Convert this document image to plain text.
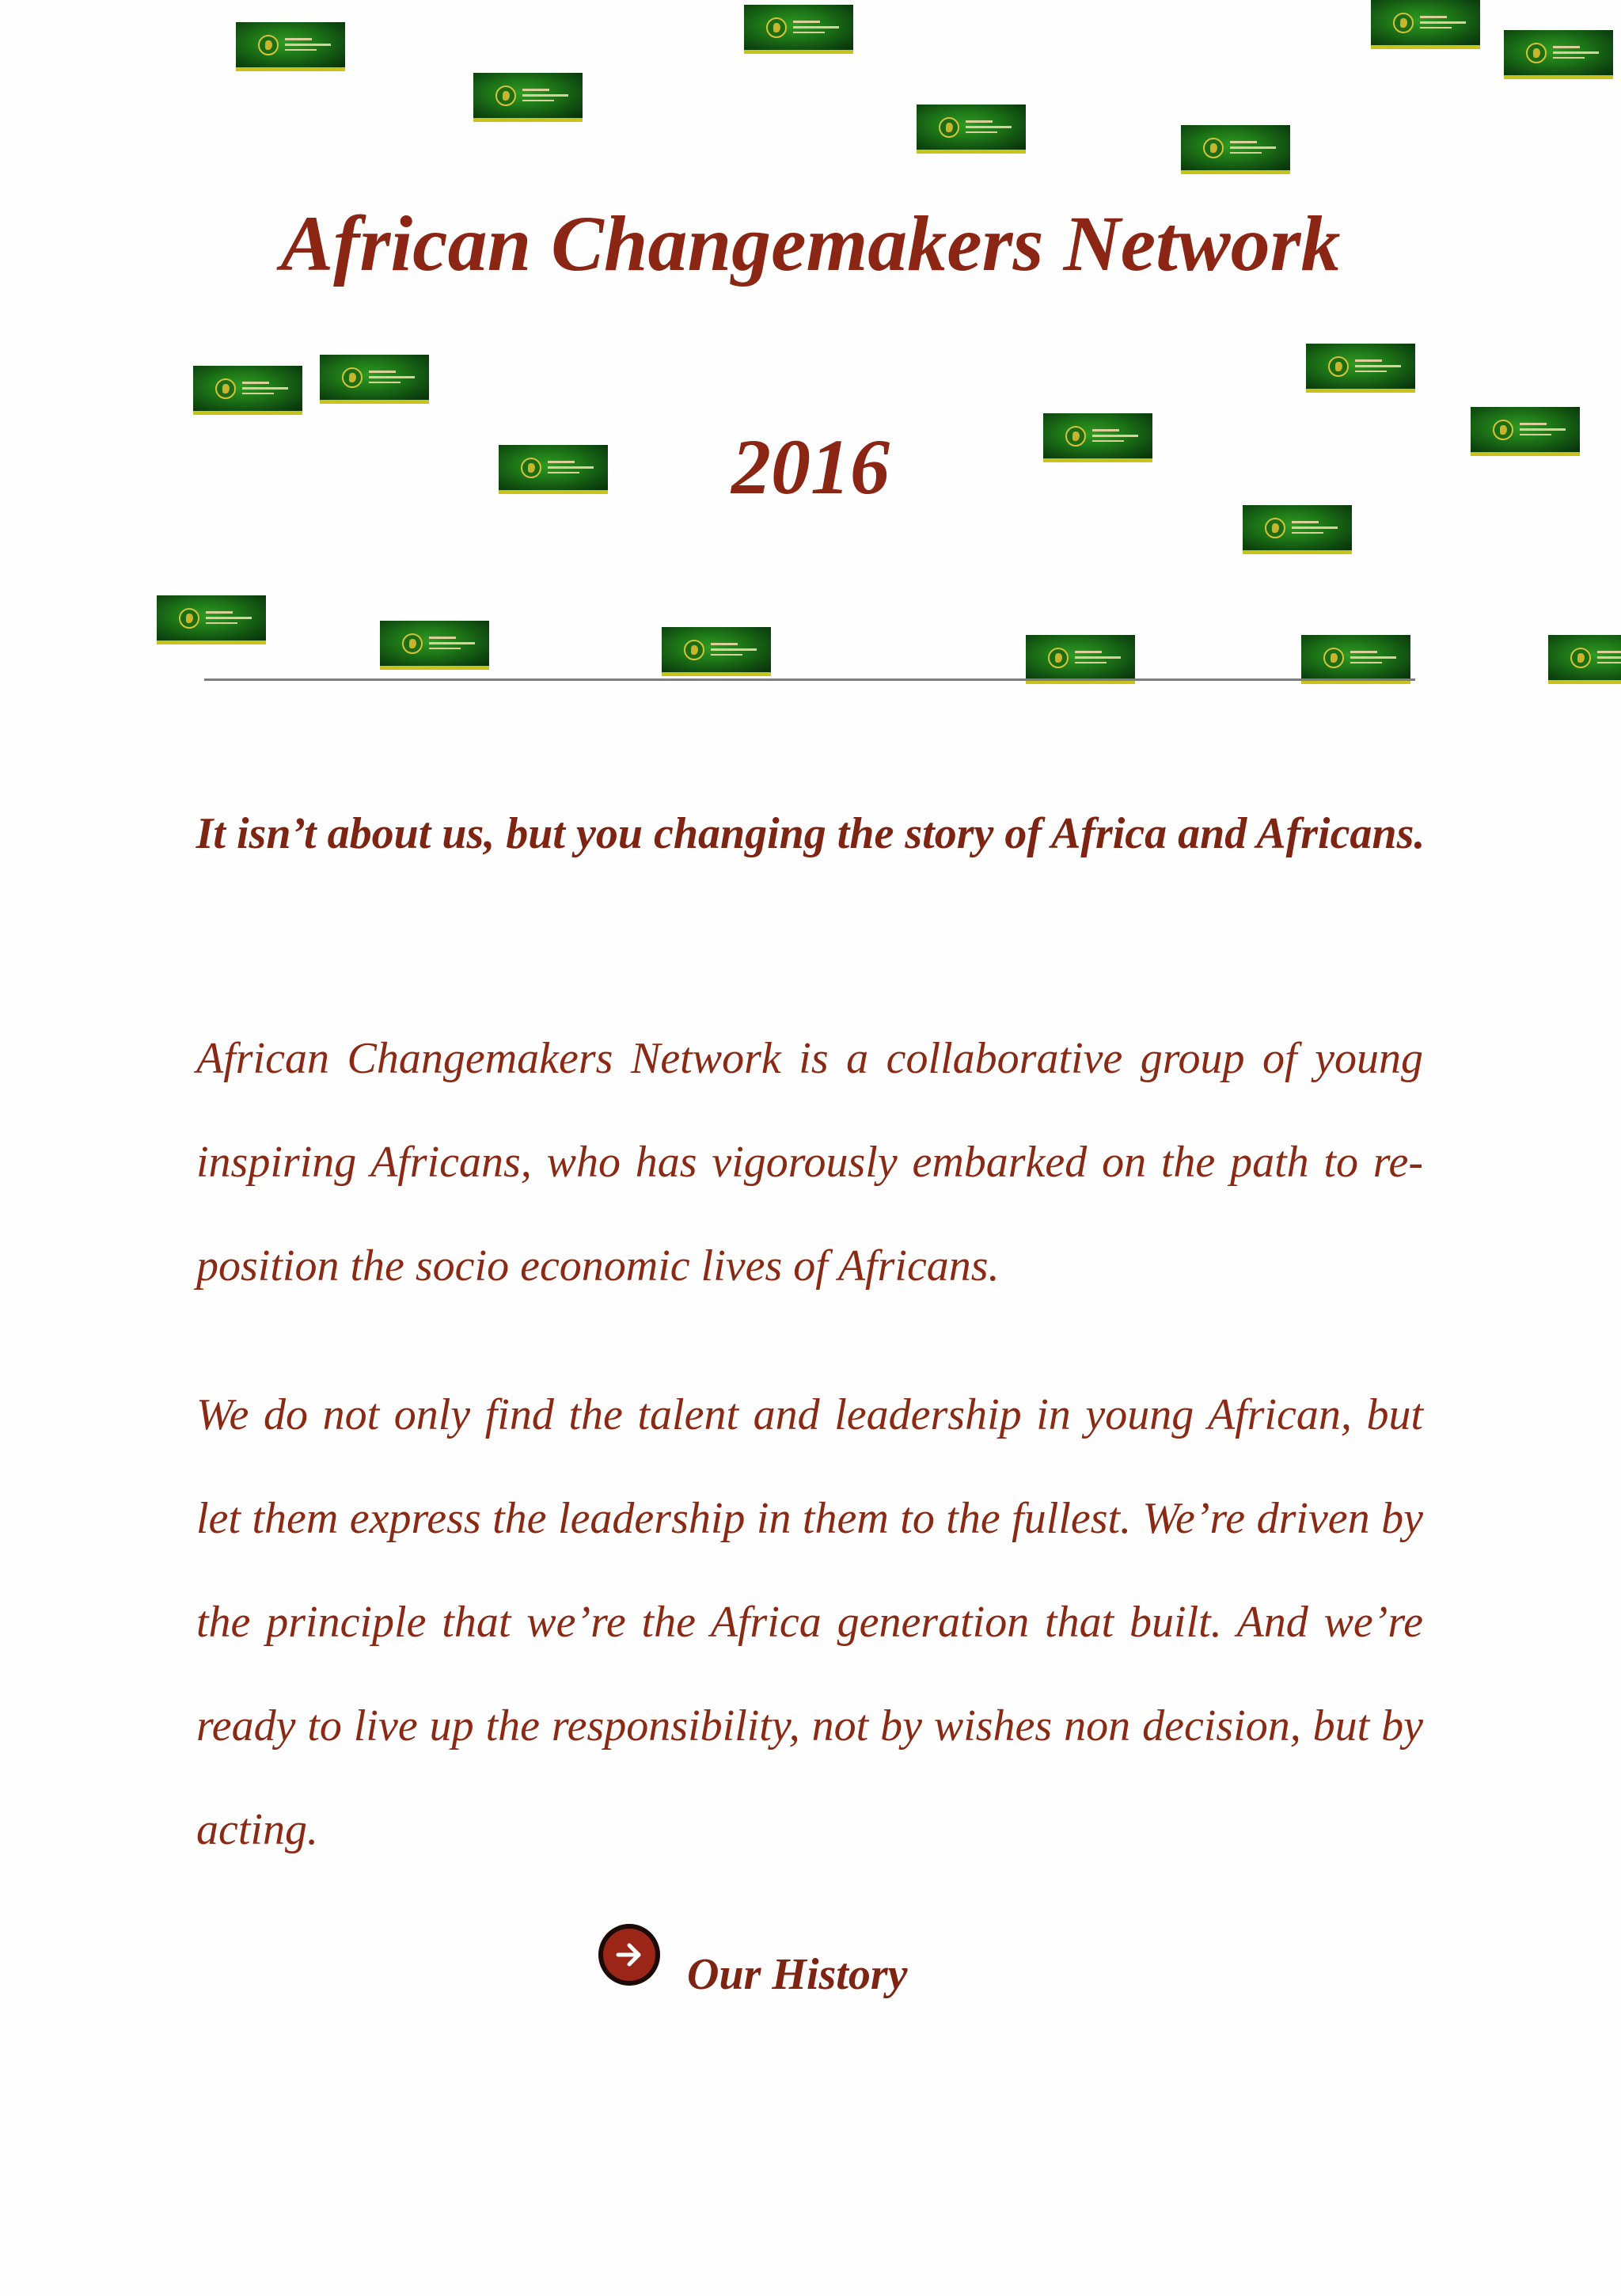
African Changemakers Network
2016
It isn’t about us, but you changing the story of Africa and Africans.

African Changemakers Network is a collaborative group of young inspiring Africans, who has vigorously embarked on the path to re-position the socio economic lives of Africans.

We do not only find the talent and leadership in young African, but let them express the leadership in them to the fullest. We’re driven by the principle that we’re the Africa generation that built. And we’re ready to live up the responsibility, not by wishes non decision, but by acting.

Our History
